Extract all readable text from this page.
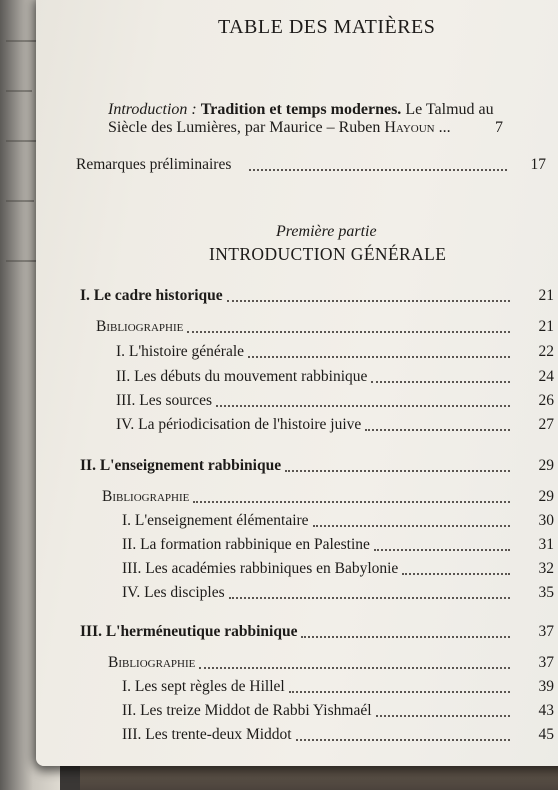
TABLE DES MATIÈRES
Introduction : Tradition et temps modernes. Le Talmud au
Siècle des Lumières, par Maurice – Ruben Hayoun ...	7
Remarques préliminaires	17
Première partie
INTRODUCTION GÉNÉRALE
I. Le cadre historique	21
Bibliographie	21
I. L'histoire générale	22
II. Les débuts du mouvement rabbinique	24
III. Les sources	26
IV. La périodicisation de l'histoire juive	27
II. L'enseignement rabbinique	29
Bibliographie	29
I. L'enseignement élémentaire	30
II. La formation rabbinique en Palestine	31
III. Les académies rabbiniques en Babylonie	32
IV. Les disciples	35
III. L'herméneutique rabbinique	37
Bibliographie	37
I. Les sept règles de Hillel	39
II. Les treize Middot de Rabbi Yishmaél	43
III. Les trente-deux Middot	45
